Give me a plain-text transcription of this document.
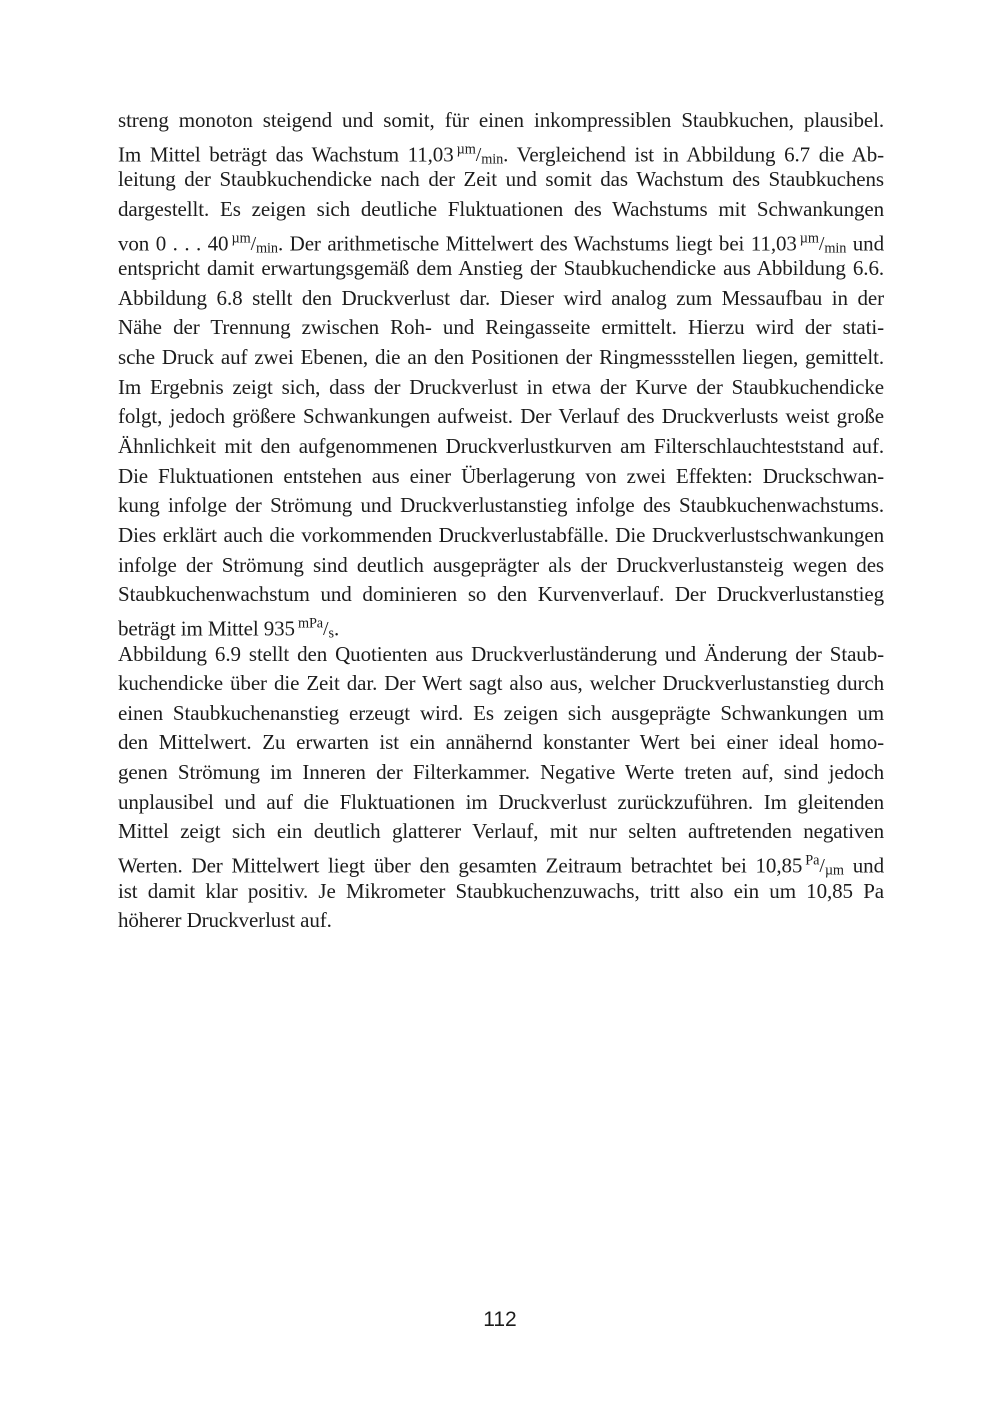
streng monoton steigend und somit, für einen inkompressiblen Staubkuchen, plausibel.
Im Mittel beträgt das Wachstum 11,03 $^{\mu m}$/min. Vergleichend ist in Abbildung 6.7 die Ab-
leitung der Staubkuchendicke nach der Zeit und somit das Wachstum des Staubkuchens
dargestellt. Es zeigen sich deutliche Fluktuationen des Wachstums mit Schwankungen
von 0 . . . 40 $^{\mu m}$/min. Der arithmetische Mittelwert des Wachstums liegt bei 11,03 $^{\mu m}$/min und
entspricht damit erwartungsgemäß dem Anstieg der Staubkuchendicke aus Abbildung 6.6.
Abbildung 6.8 stellt den Druckverlust dar. Dieser wird analog zum Messaufbau in der
Nähe der Trennung zwischen Roh- und Reingasseite ermittelt. Hierzu wird der stati-
sche Druck auf zwei Ebenen, die an den Positionen der Ringmessstellen liegen, gemittelt.
Im Ergebnis zeigt sich, dass der Druckverlust in etwa der Kurve der Staubkuchendicke
folgt, jedoch größere Schwankungen aufweist. Der Verlauf des Druckverlusts weist große
Ähnlichkeit mit den aufgenommenen Druckverlustkurven am Filterschlauchteststand auf.
Die Fluktuationen entstehen aus einer Überlagerung von zwei Effekten: Druckschwan-
kung infolge der Strömung und Druckverlustanstieg infolge des Staubkuchenwachstums.
Dies erklärt auch die vorkommenden Druckverlustabfälle. Die Druckverlustschwankungen
infolge der Strömung sind deutlich ausgeprägter als der Druckverlustansteig wegen des
Staubkuchenwachstum und dominieren so den Kurvenverlauf. Der Druckverlustanstieg
beträgt im Mittel 935 $^{mPa}$/s.
Abbildung 6.9 stellt den Quotienten aus Druckverluständerung und Änderung der Staub-
kuchendicke über die Zeit dar. Der Wert sagt also aus, welcher Druckverlustanstieg durch
einen Staubkuchenanstieg erzeugt wird. Es zeigen sich ausgeprägte Schwankungen um
den Mittelwert. Zu erwarten ist ein annähernd konstanter Wert bei einer ideal homo-
genen Strömung im Inneren der Filterkammer. Negative Werte treten auf, sind jedoch
unplausibel und auf die Fluktuationen im Druckverlust zurückzuführen. Im gleitenden
Mittel zeigt sich ein deutlich glatterer Verlauf, mit nur selten auftretenden negativen
Werten. Der Mittelwert liegt über den gesamten Zeitraum betrachtet bei 10,85 $^{Pa}$/µm und
ist damit klar positiv. Je Mikrometer Staubkuchenzuwachs, tritt also ein um 10,85 Pa
höherer Druckverlust auf.
112
